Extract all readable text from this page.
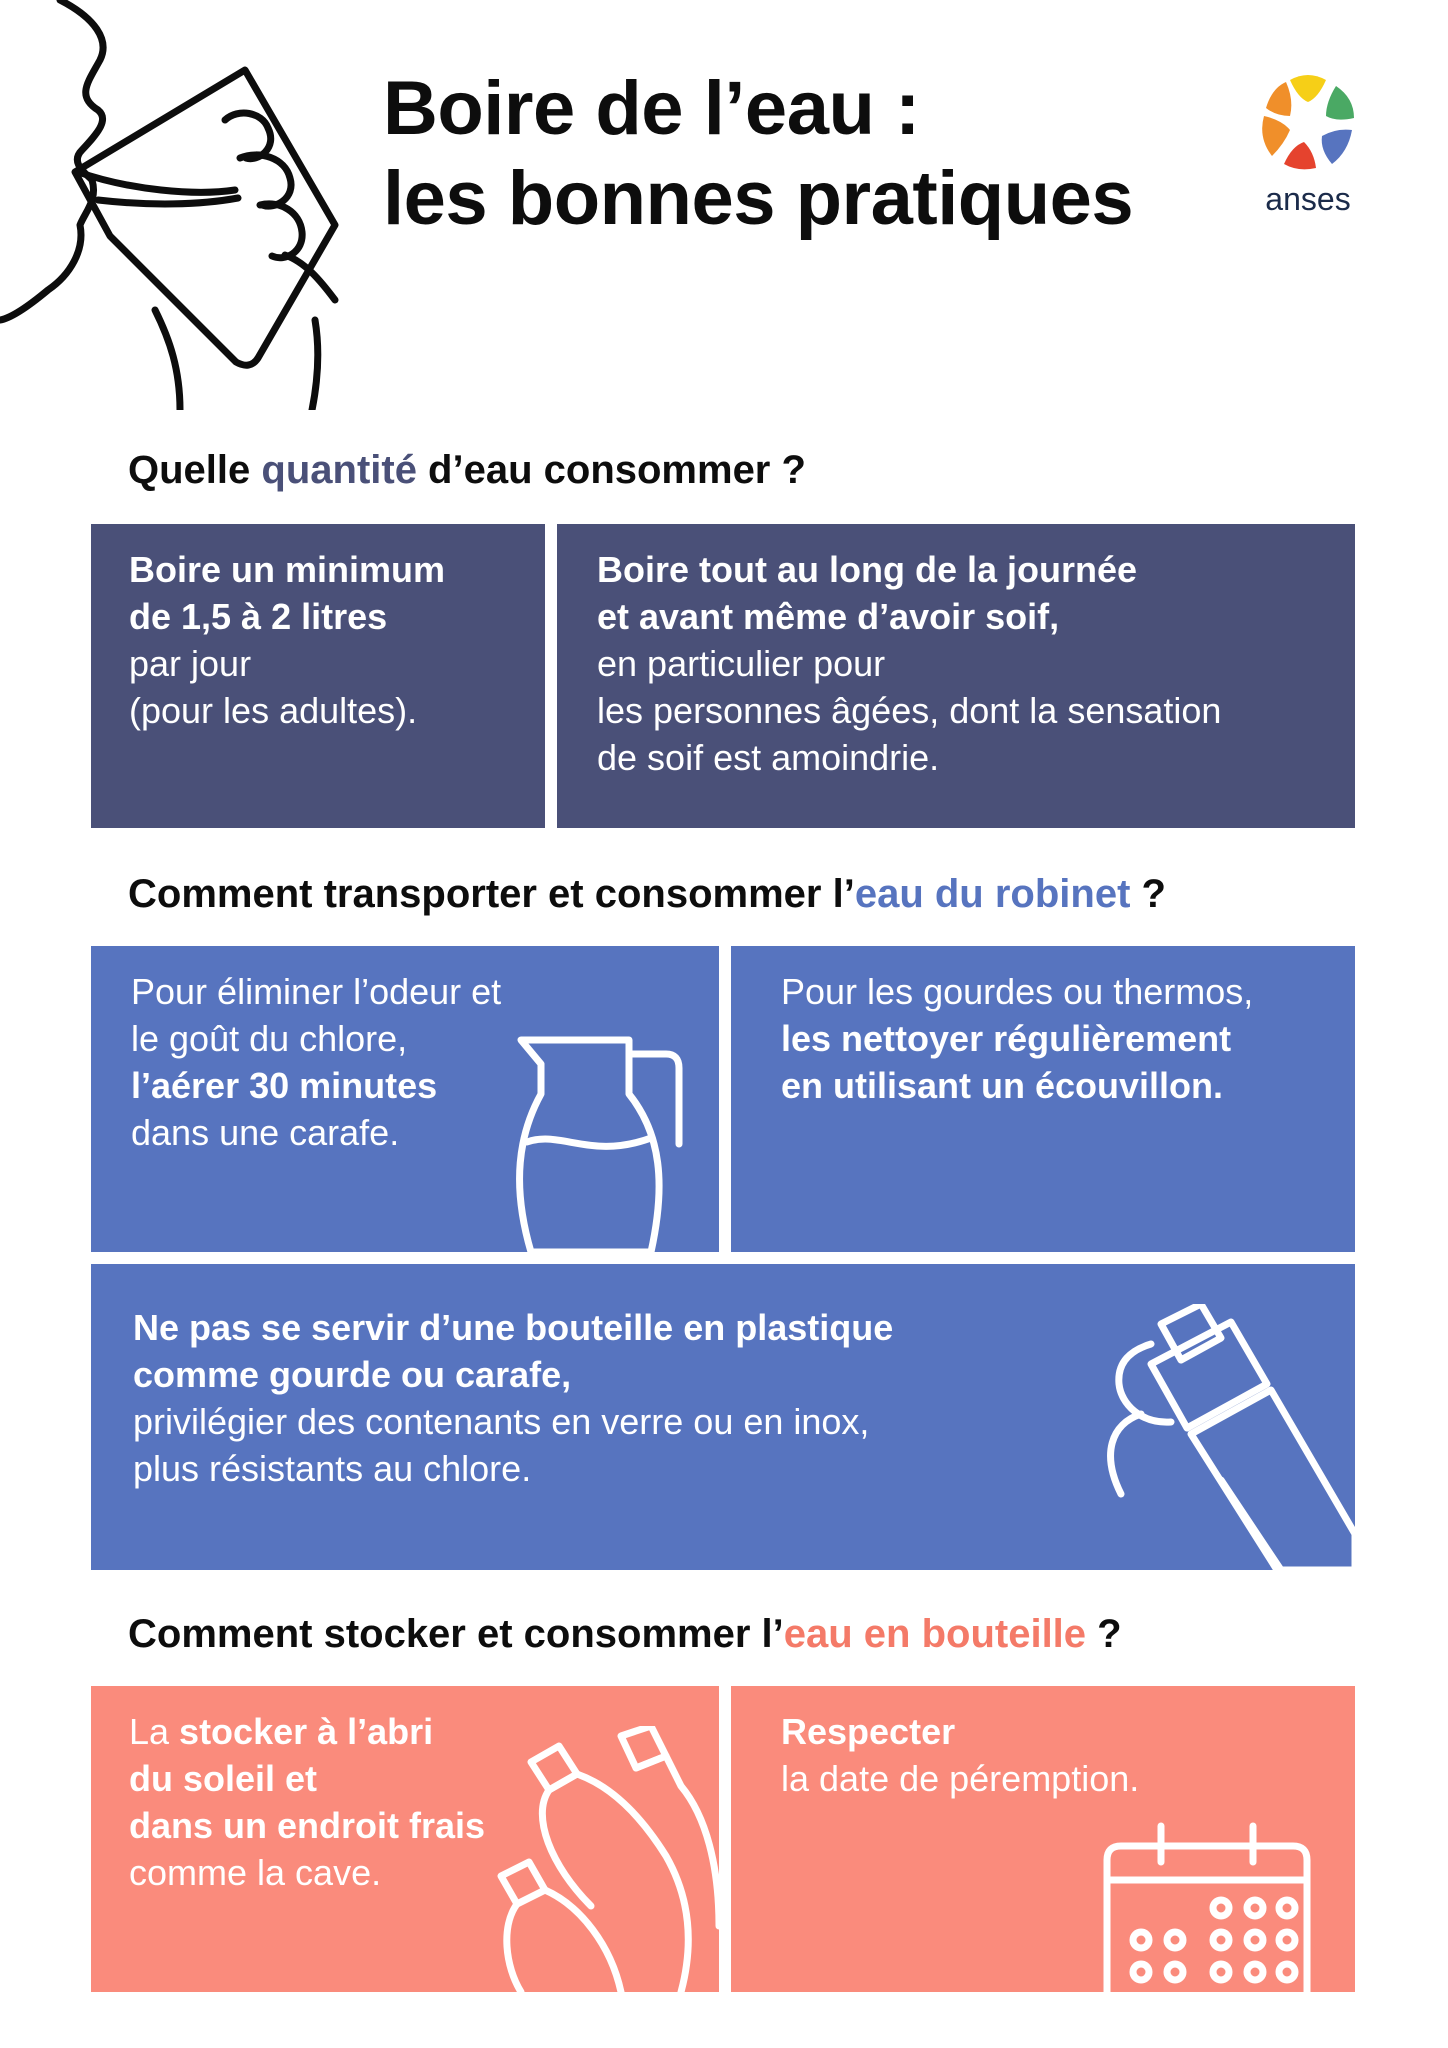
Boire de l’eau :
les bonnes pratiques	anses
Quelle quantité d’eau consommer ?

Boire un minimum

de 1,5 à 2 litres

par jour

(pour les adultes).

Boire tout au long de la journée

et avant même d’avoir soif,

en particulier pour

les personnes âgées, dont la sensation

de soif est amoindrie.

Comment transporter et consommer l’eau du robinet ?

Pour éliminer l’odeur et

le goût du chlore,

l’aérer 30 minutes

dans une carafe.

Pour les gourdes ou thermos,

les nettoyer régulièrement

en utilisant un écouvillon.

Ne pas se servir d’une bouteille en plastique

comme gourde ou carafe,

privilégier des contenants en verre ou en inox,

plus résistants au chlore.

Comment stocker et consommer l’eau en bouteille ?

La stocker à l’abri

du soleil et

dans un endroit frais

comme la cave.

Respecter

la date de péremption.
